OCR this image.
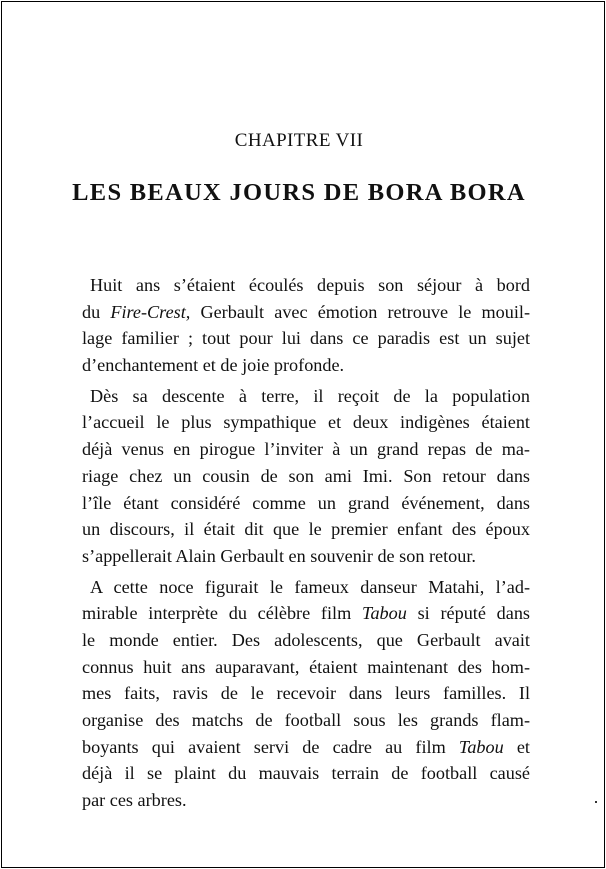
CHAPITRE VII
LES BEAUX JOURS DE BORA BORA
Huit ans s’étaient écoulés depuis son séjour à bord
du Fire-Crest, Gerbault avec émotion retrouve le mouil-
lage familier ; tout pour lui dans ce paradis est un sujet
d’enchantement et de joie profonde.
Dès sa descente à terre, il reçoit de la population
l’accueil le plus sympathique et deux indigènes étaient
déjà venus en pirogue l’inviter à un grand repas de ma-
riage chez un cousin de son ami Imi. Son retour dans
l’île étant considéré comme un grand événement, dans
un discours, il était dit que le premier enfant des époux
s’appellerait Alain Gerbault en souvenir de son retour.
A cette noce figurait le fameux danseur Matahi, l’ad-
mirable interprète du célèbre film Tabou si réputé dans
le monde entier. Des adolescents, que Gerbault avait
connus huit ans auparavant, étaient maintenant des hom-
mes faits, ravis de le recevoir dans leurs familles. Il
organise des matchs de football sous les grands flam-
boyants qui avaient servi de cadre au film Tabou et
déjà il se plaint du mauvais terrain de football causé
par ces arbres.
